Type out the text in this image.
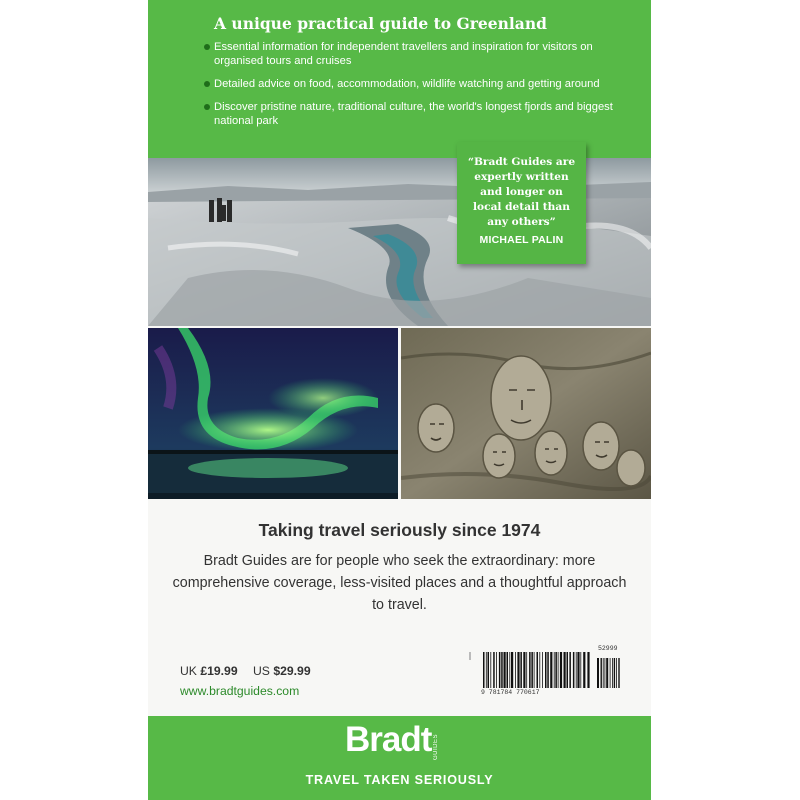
A unique practical guide to Greenland
Essential information for independent travellers and inspiration for visitors on organised tours and cruises
Detailed advice on food, accommodation, wildlife watching and getting around
Discover pristine nature, traditional culture, the world's longest fjords and biggest national park
“Bradt Guides are expertly written and longer on local detail than any others”
MICHAEL PALIN
Taking travel seriously since 1974

Bradt Guides are for people who seek the extraordinary: more comprehensive coverage, less-visited places and a thoughtful approach to travel.

UK £19.99 US $29.99
www.bradtguides.com	9 781784 770617
52999
Bradt GUIDES
TRAVEL TAKEN SERIOUSLY
